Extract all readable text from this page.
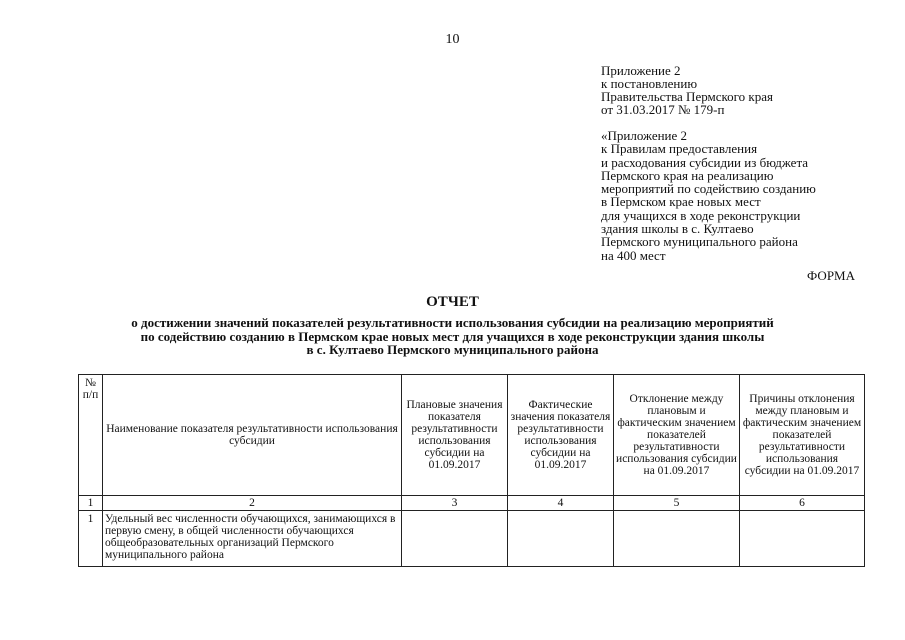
10
Приложение 2
к постановлению
Правительства Пермского края
от 31.03.2017 № 179-п
«Приложение 2
к Правилам предоставления
и расходования субсидии из бюджета
Пермского края на реализацию
мероприятий по содействию созданию
в Пермском крае новых мест
для учащихся в ходе реконструкции
здания школы в с. Култаево
Пермского муниципального района
на 400 мест
ФОРМА
ОТЧЕТ
о достижении значений показателей результативности использования субсидии на реализацию мероприятий
по содействию созданию в Пермском крае новых мест для учащихся в ходе реконструкции здания школы
в с. Култаево Пермского муниципального района
№ п/п	Наименование показателя результативности использования субсидии	Плановые значения показателя результативности использования субсидии на 01.09.2017	Фактические значения показателя результативности использования субсидии на 01.09.2017	Отклонение между плановым и фактическим значением показателей результативности использования субсидии на 01.09.2017	Причины отклонения между плановым и фактическим значением показателей результативности использования субсидии на 01.09.2017
1	2	3	4	5	6
1	Удельный вес численности обучающихся, занимающихся в первую смену, в общей численности обучающихся общеобразовательных организаций Пермского муниципального района				
